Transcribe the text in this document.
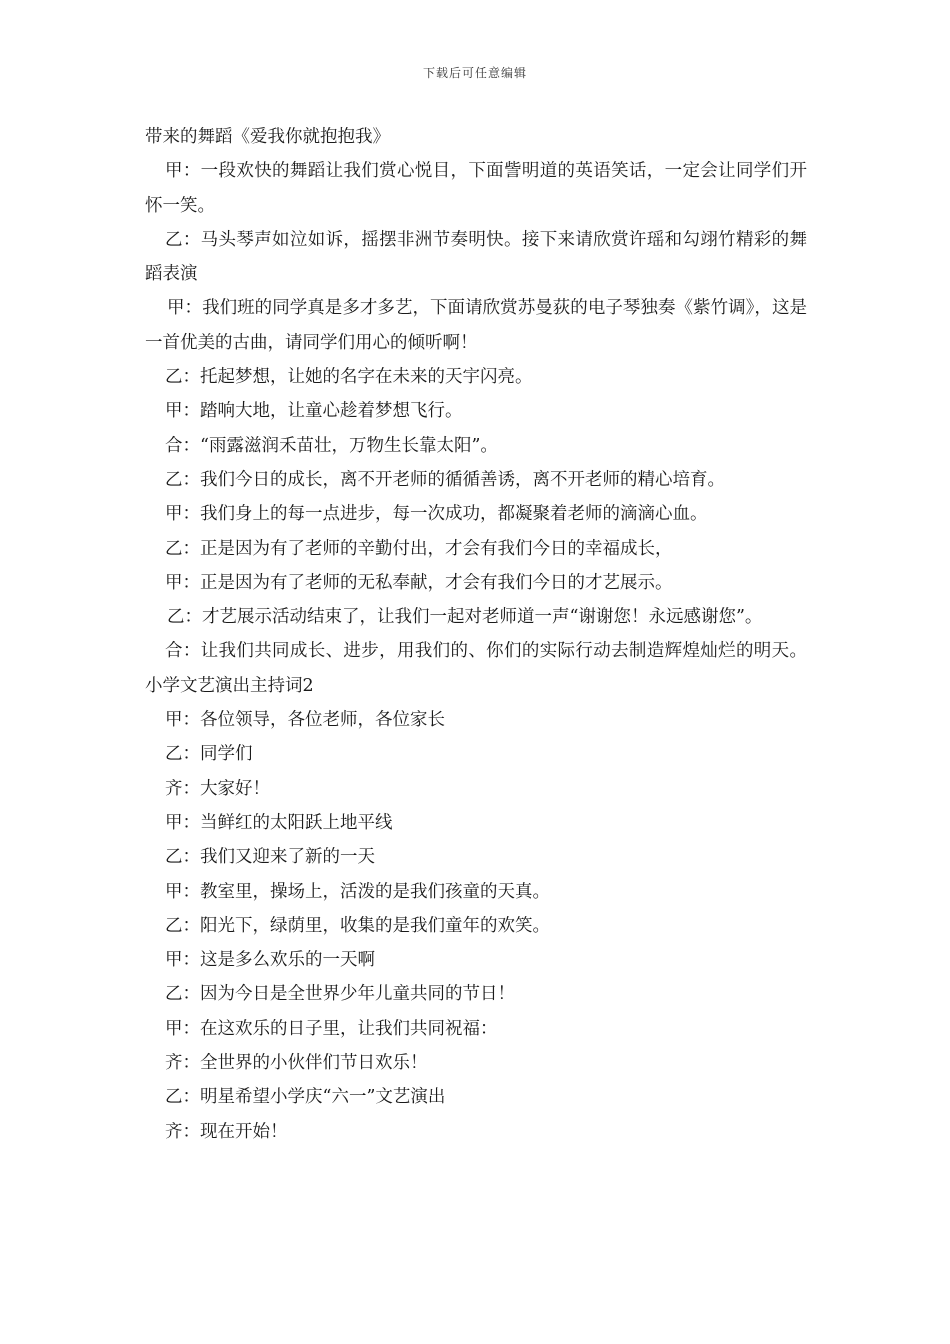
下载后可任意编辑

带来的舞蹈《爱我你就抱抱我》

甲：一段欢快的舞蹈让我们赏心悦目，下面訾明道的英语笑话，一定会让同学们开怀一笑。

乙：马头琴声如泣如诉，摇摆非洲节奏明快。接下来请欣赏许瑶和勾翊竹精彩的舞蹈表演

甲：我们班的同学真是多才多艺，下面请欣赏苏曼荻的电子琴独奏《紫竹调》，这是一首优美的古曲，请同学们用心的倾听啊！

乙：托起梦想，让她的名字在未来的天宇闪亮。

甲：踏响大地，让童心趁着梦想飞行。

合：“雨露滋润禾苗壮，万物生长靠太阳”。

乙：我们今日的成长，离不开老师的循循善诱，离不开老师的精心培育。

甲：我们身上的每一点进步，每一次成功，都凝聚着老师的滴滴心血。

乙：正是因为有了老师的辛勤付出，才会有我们今日的幸福成长，

甲：正是因为有了老师的无私奉献，才会有我们今日的才艺展示。

乙：才艺展示活动结束了，让我们一起对老师道一声“谢谢您！永远感谢您”。

合：让我们共同成长、进步，用我们的、你们的实际行动去制造辉煌灿烂的明天。小学文艺演出主持词2

甲：各位领导，各位老师，各位家长

乙：同学们

齐：大家好！

甲：当鲜红的太阳跃上地平线

乙：我们又迎来了新的一天

甲：教室里，操场上，活泼的是我们孩童的天真。

乙：阳光下，绿荫里，收集的是我们童年的欢笑。

甲：这是多么欢乐的一天啊

乙：因为今日是全世界少年儿童共同的节日！

甲：在这欢乐的日子里，让我们共同祝福：

齐：全世界的小伙伴们节日欢乐！

乙：明星希望小学庆“六一”文艺演出

齐：现在开始！
